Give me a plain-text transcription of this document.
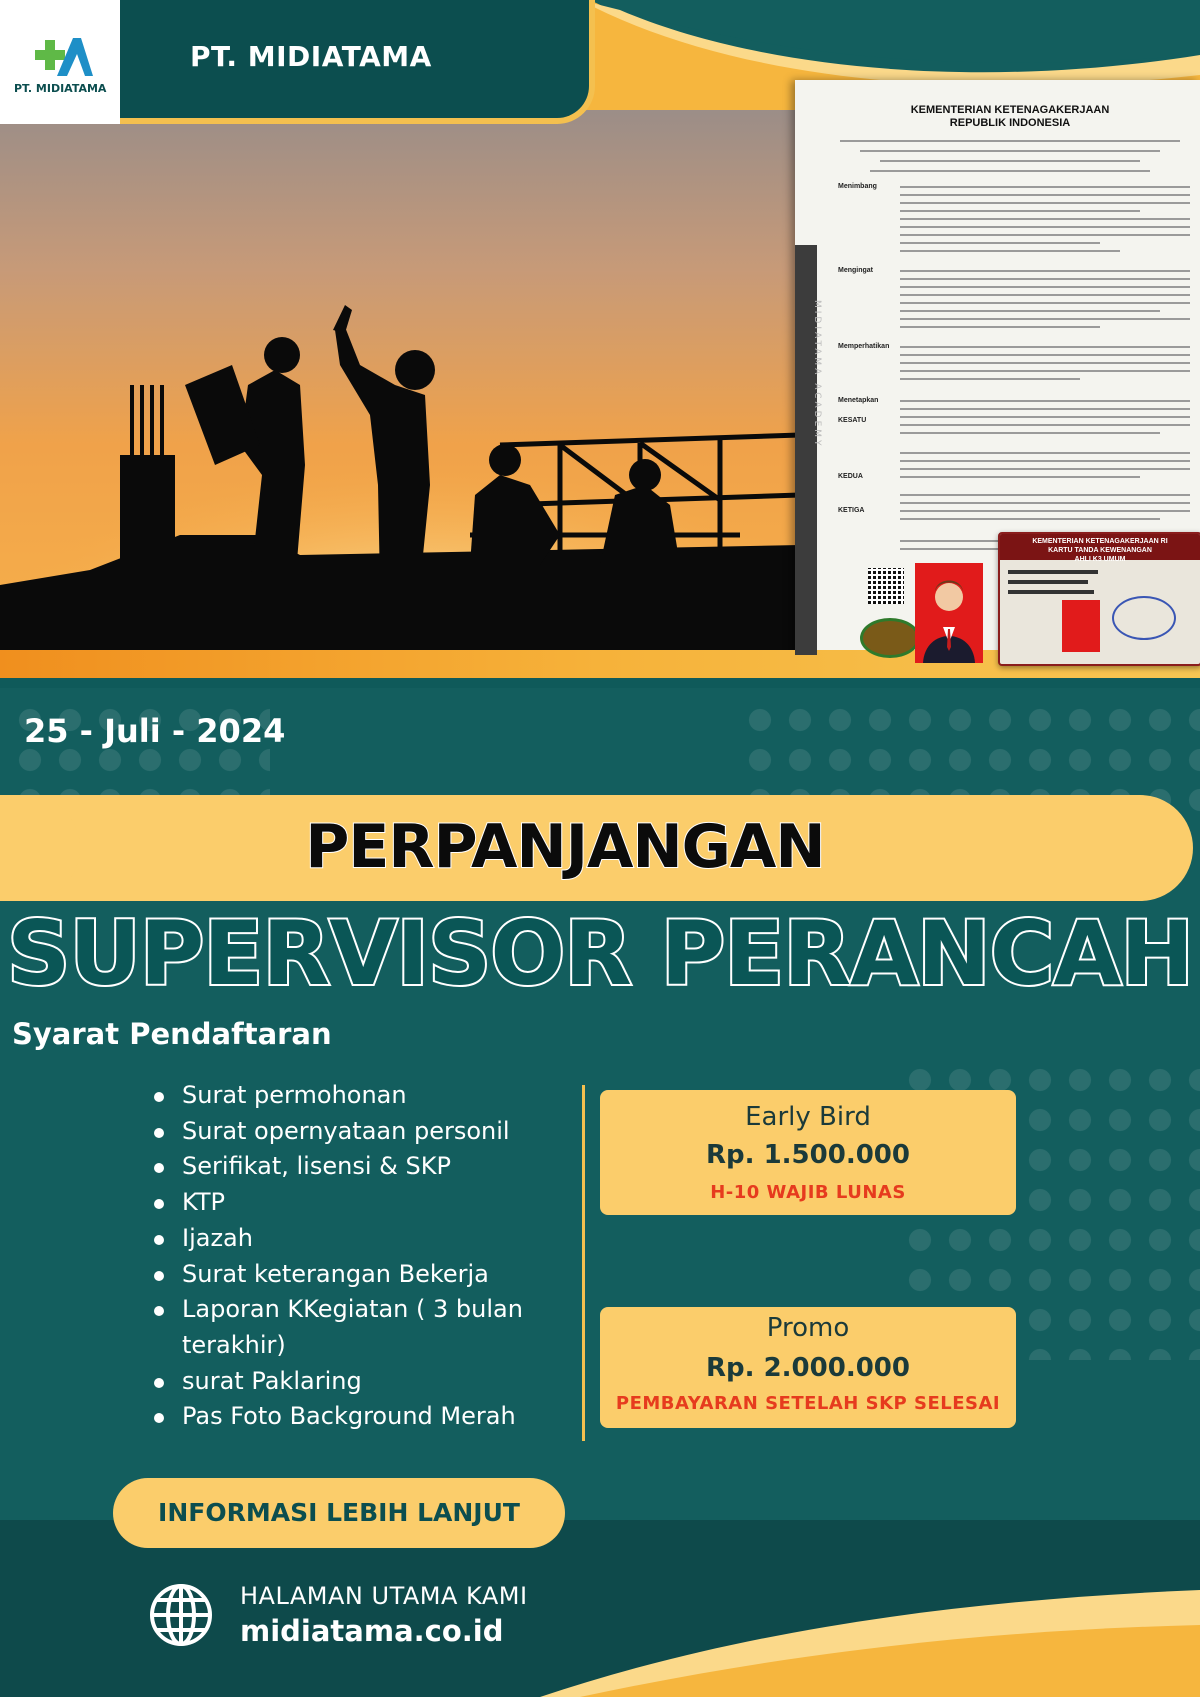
PT. MIDIATAMA
PT. MIDIATAMA
MIDIATAMA ACADEMY
KEMENTERIAN KETENAGAKERJAAN
REPUBLIK INDONESIA
Menimbang
Mengingat
Memperhatikan
Menetapkan
KESATU
KEDUA
KETIGA
KEMENTERIAN KETENAGAKERJAAN RI
KARTU TANDA KEWENANGAN
AHLI K3 UMUM
25 - Juli - 2024
PERPANJANGAN
SUPERVISOR PERANCAH
Syarat Pendaftaran
Surat permohonan
Surat opernyataan personil
Serifikat, lisensi & SKP
KTP
Ijazah
Surat keterangan Bekerja
Laporan KKegiatan ( 3 bulan terakhir)
surat Paklaring
Pas Foto Background Merah
Early Bird
Rp. 1.500.000
H-10 WAJIB LUNAS
Promo
Rp. 2.000.000
PEMBAYARAN SETELAH SKP SELESAI
INFORMASI LEBIH LANJUT
HALAMAN UTAMA KAMI
midiatama.co.id
